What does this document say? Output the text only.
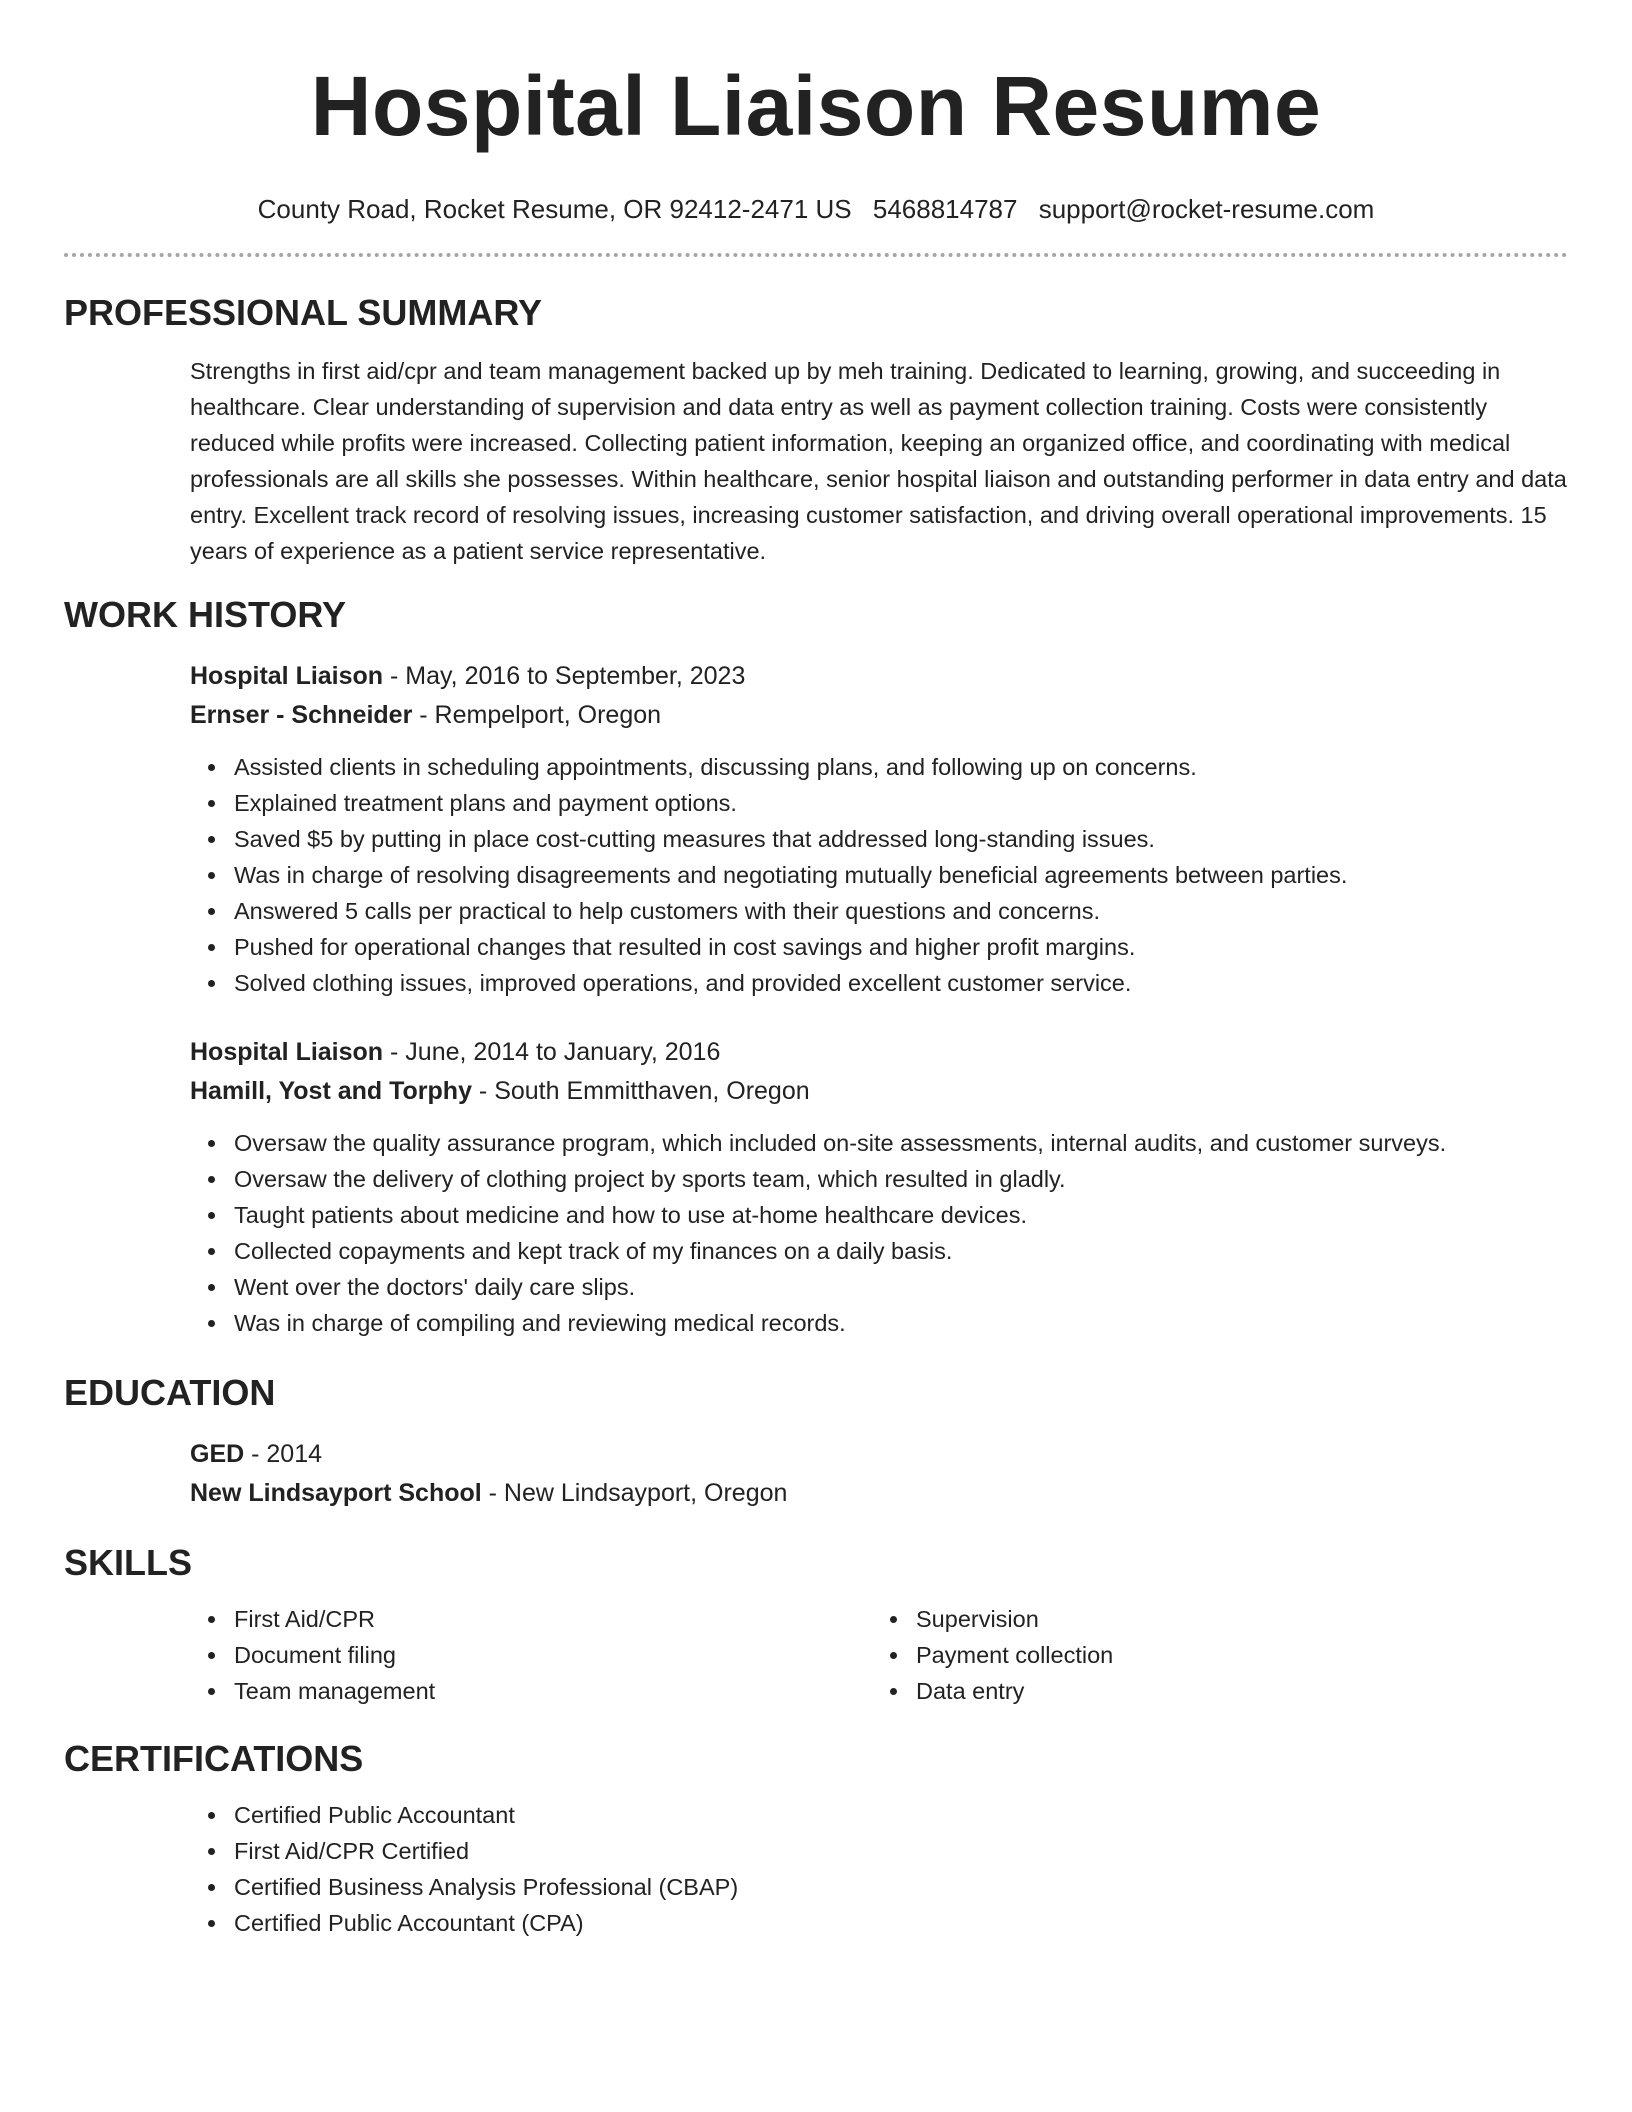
Hospital Liaison Resume
County Road, Rocket Resume, OR 92412-2471 US 5468814787 support@rocket-resume.com
PROFESSIONAL SUMMARY

Strengths in first aid/cpr and team management backed up by meh training. Dedicated to learning, growing, and succeeding in healthcare. Clear understanding of supervision and data entry as well as payment collection training. Costs were consistently reduced while profits were increased. Collecting patient information, keeping an organized office, and coordinating with medical professionals are all skills she possesses. Within healthcare, senior hospital liaison and outstanding performer in data entry and data entry. Excellent track record of resolving issues, increasing customer satisfaction, and driving overall operational improvements. 15 years of experience as a patient service representative.

WORK HISTORY
Hospital Liaison - May, 2016 to September, 2023
Ernser - Schneider - Rempelport, Oregon
Assisted clients in scheduling appointments, discussing plans, and following up on concerns.
Explained treatment plans and payment options.
Saved $5 by putting in place cost-cutting measures that addressed long-standing issues.
Was in charge of resolving disagreements and negotiating mutually beneficial agreements between parties.
Answered 5 calls per practical to help customers with their questions and concerns.
Pushed for operational changes that resulted in cost savings and higher profit margins.
Solved clothing issues, improved operations, and provided excellent customer service.
Hospital Liaison - June, 2014 to January, 2016
Hamill, Yost and Torphy - South Emmitthaven, Oregon
Oversaw the quality assurance program, which included on-site assessments, internal audits, and customer surveys.
Oversaw the delivery of clothing project by sports team, which resulted in gladly.
Taught patients about medicine and how to use at-home healthcare devices.
Collected copayments and kept track of my finances on a daily basis.
Went over the doctors' daily care slips.
Was in charge of compiling and reviewing medical records.
EDUCATION
GED - 2014
New Lindsayport School - New Lindsayport, Oregon
SKILLS
First Aid/CPR
Document filing
Team management
Supervision
Payment collection
Data entry
CERTIFICATIONS
Certified Public Accountant
First Aid/CPR Certified
Certified Business Analysis Professional (CBAP)
Certified Public Accountant (CPA)
